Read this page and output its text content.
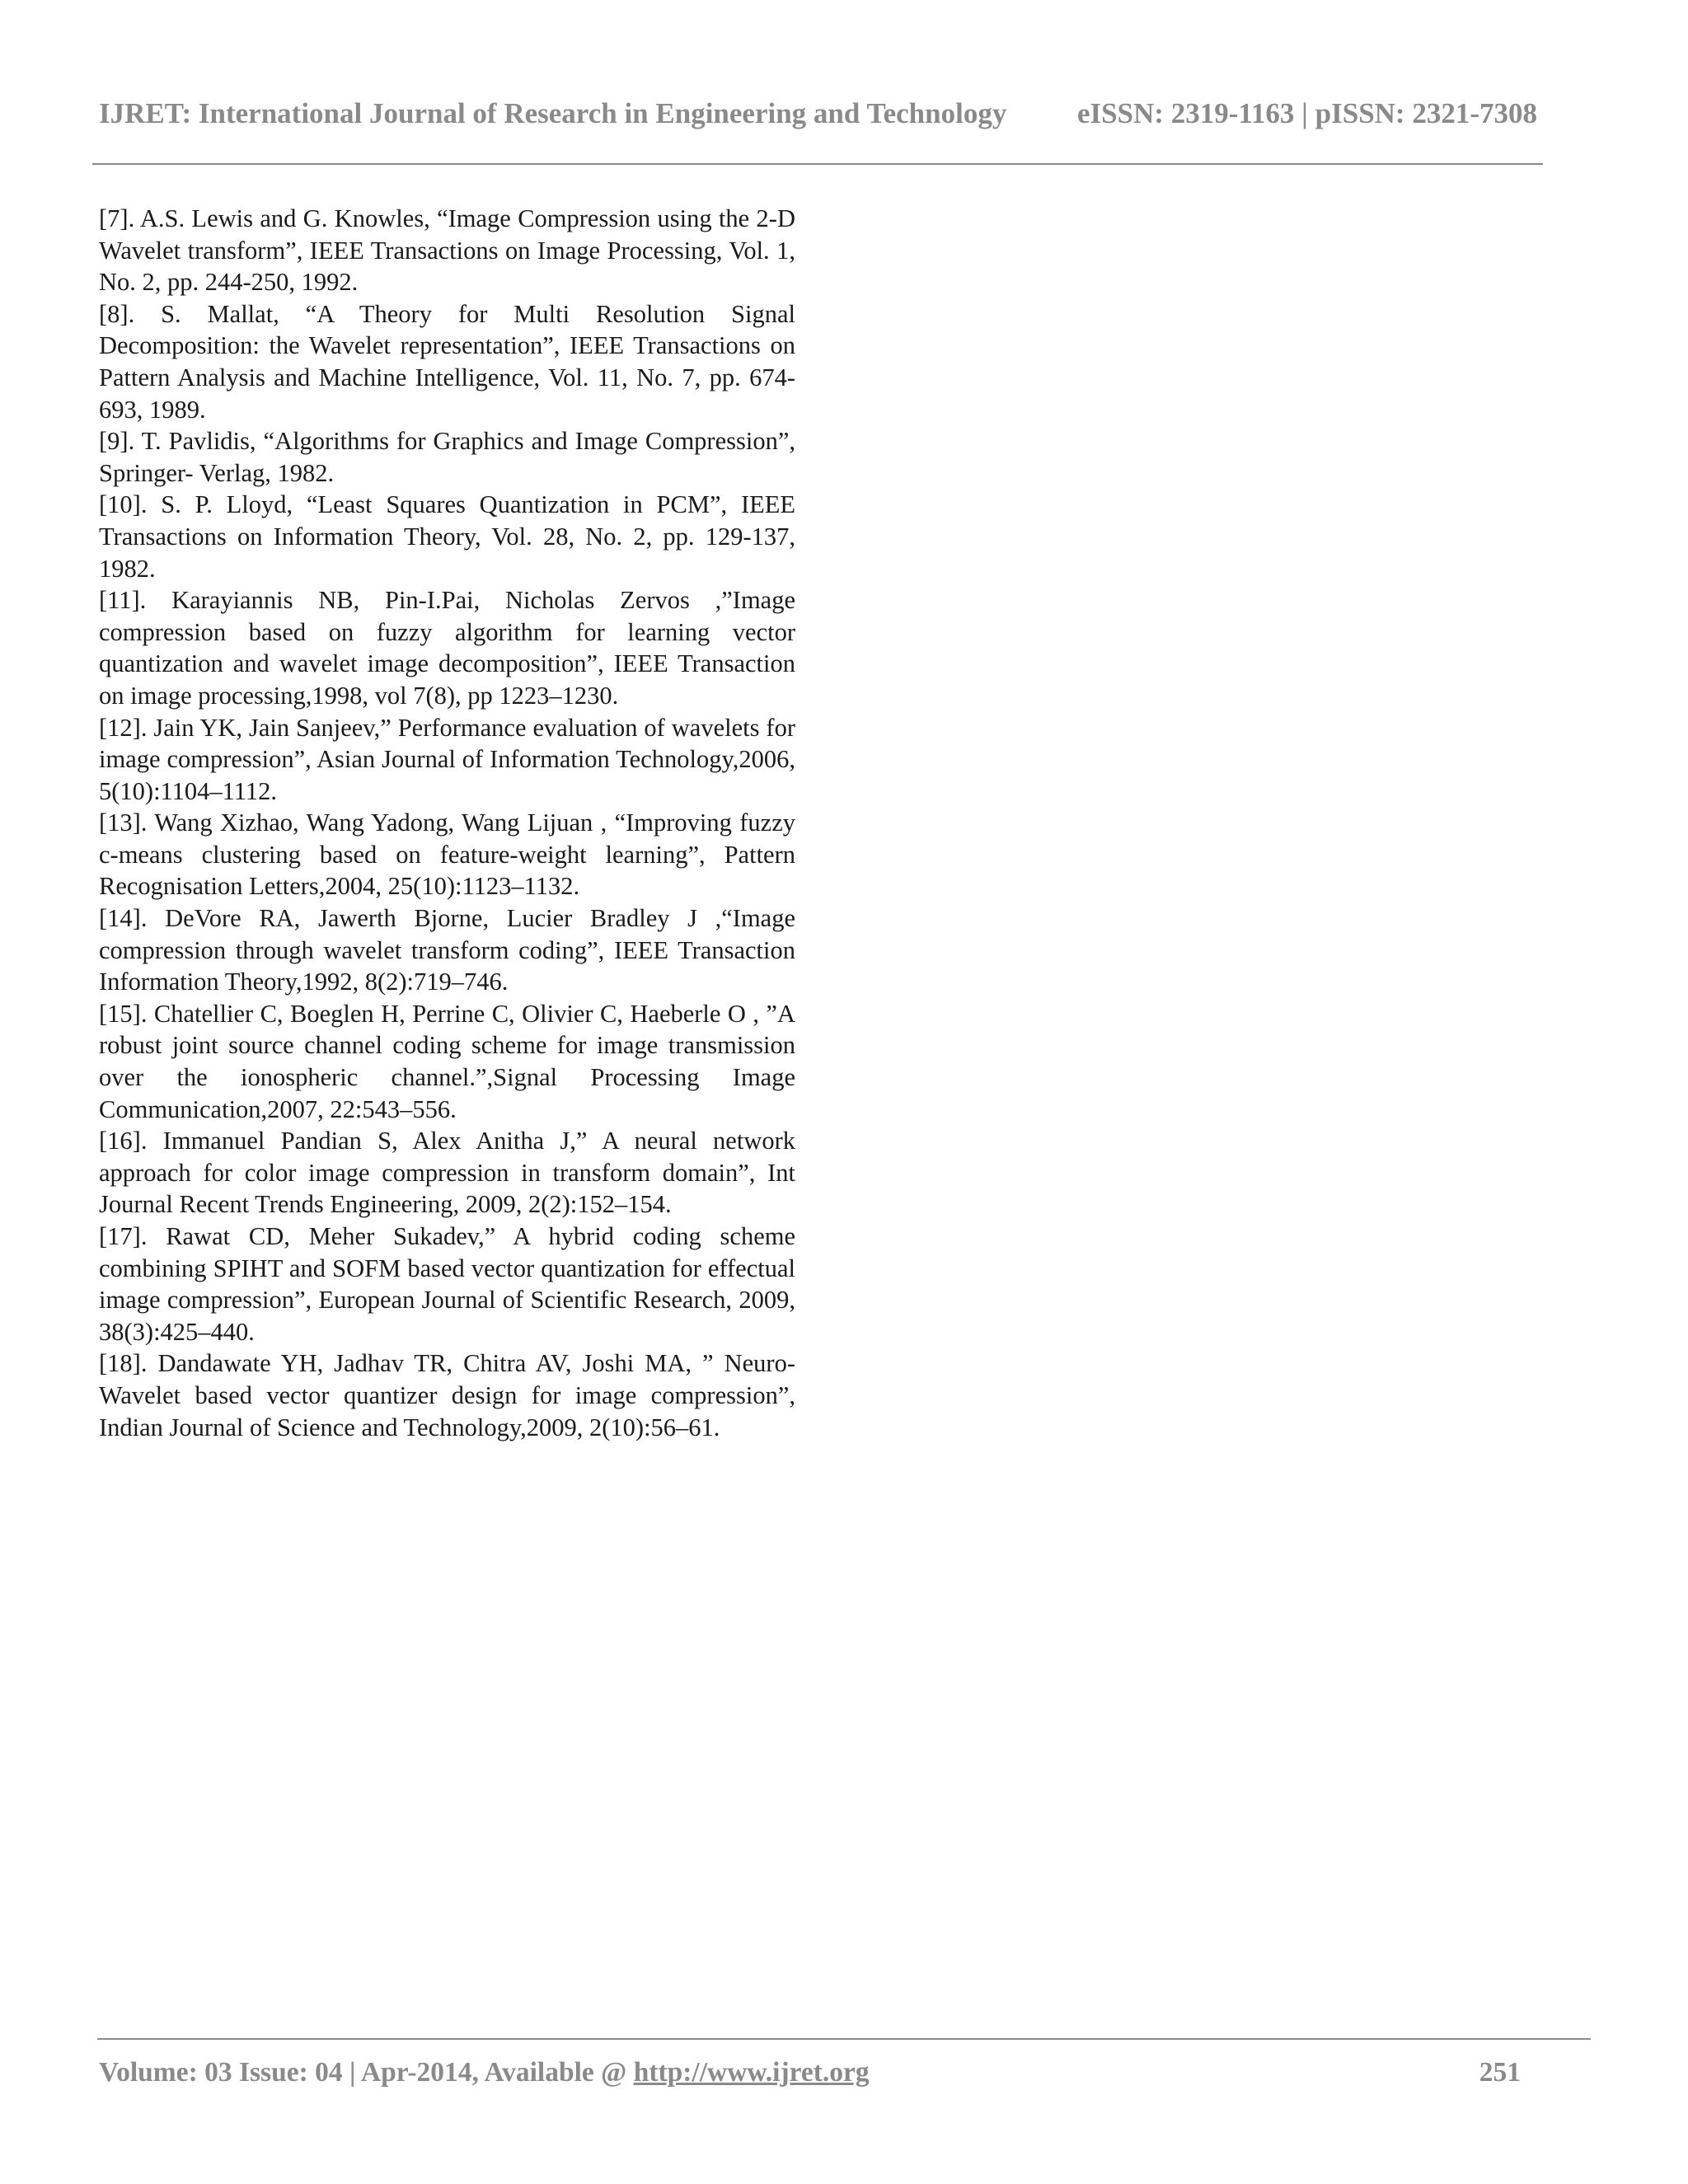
IJRET: International Journal of Research in Engineering and Technology eISSN: 2319-1163 | pISSN: 2321-7308

[7]. A.S. Lewis and G. Knowles, “Image Compression using the 2-D Wavelet transform”, IEEE Transactions on Image Processing, Vol. 1, No. 2, pp. 244-250, 1992.

[8]. S. Mallat, “A Theory for Multi Resolution Signal Decomposition: the Wavelet representation”, IEEE Transactions on Pattern Analysis and Machine Intelligence, Vol. 11, No. 7, pp. 674-693, 1989.

[9]. T. Pavlidis, “Algorithms for Graphics and Image Compression”, Springer- Verlag, 1982.

[10]. S. P. Lloyd, “Least Squares Quantization in PCM”, IEEE Transactions on Information Theory, Vol. 28, No. 2, pp. 129-137, 1982.

[11]. Karayiannis NB, Pin-I.Pai, Nicholas Zervos ,”Image compression based on fuzzy algorithm for learning vector quantization and wavelet image decomposition”, IEEE Transaction on image processing,1998, vol 7(8), pp 1223–1230.

[12]. Jain YK, Jain Sanjeev,” Performance evaluation of wavelets for image compression”, Asian Journal of Information Technology,2006, 5(10):1104–1112.

[13]. Wang Xizhao, Wang Yadong, Wang Lijuan , “Improving fuzzy c-means clustering based on feature-weight learning”, Pattern Recognisation Letters,2004, 25(10):1123–1132.

[14]. DeVore RA, Jawerth Bjorne, Lucier Bradley J ,“Image compression through wavelet transform coding”, IEEE Transaction Information Theory,1992, 8(2):719–746.

[15]. Chatellier C, Boeglen H, Perrine C, Olivier C, Haeberle O , ”A robust joint source channel coding scheme for image transmission over the ionospheric channel.”,Signal Processing Image Communication,2007, 22:543–556.

[16]. Immanuel Pandian S, Alex Anitha J,” A neural network approach for color image compression in transform domain”, Int Journal Recent Trends Engineering, 2009, 2(2):152–154.

[17]. Rawat CD, Meher Sukadev,” A hybrid coding scheme combining SPIHT and SOFM based vector quantization for effectual image compression”, European Journal of Scientific Research, 2009, 38(3):425–440.

[18]. Dandawate YH, Jadhav TR, Chitra AV, Joshi MA, ” Neuro-Wavelet based vector quantizer design for image compression”, Indian Journal of Science and Technology,2009, 2(10):56–61.

Volume: 03 Issue: 04 | Apr-2014, Available @ http://www.ijret.org	251
